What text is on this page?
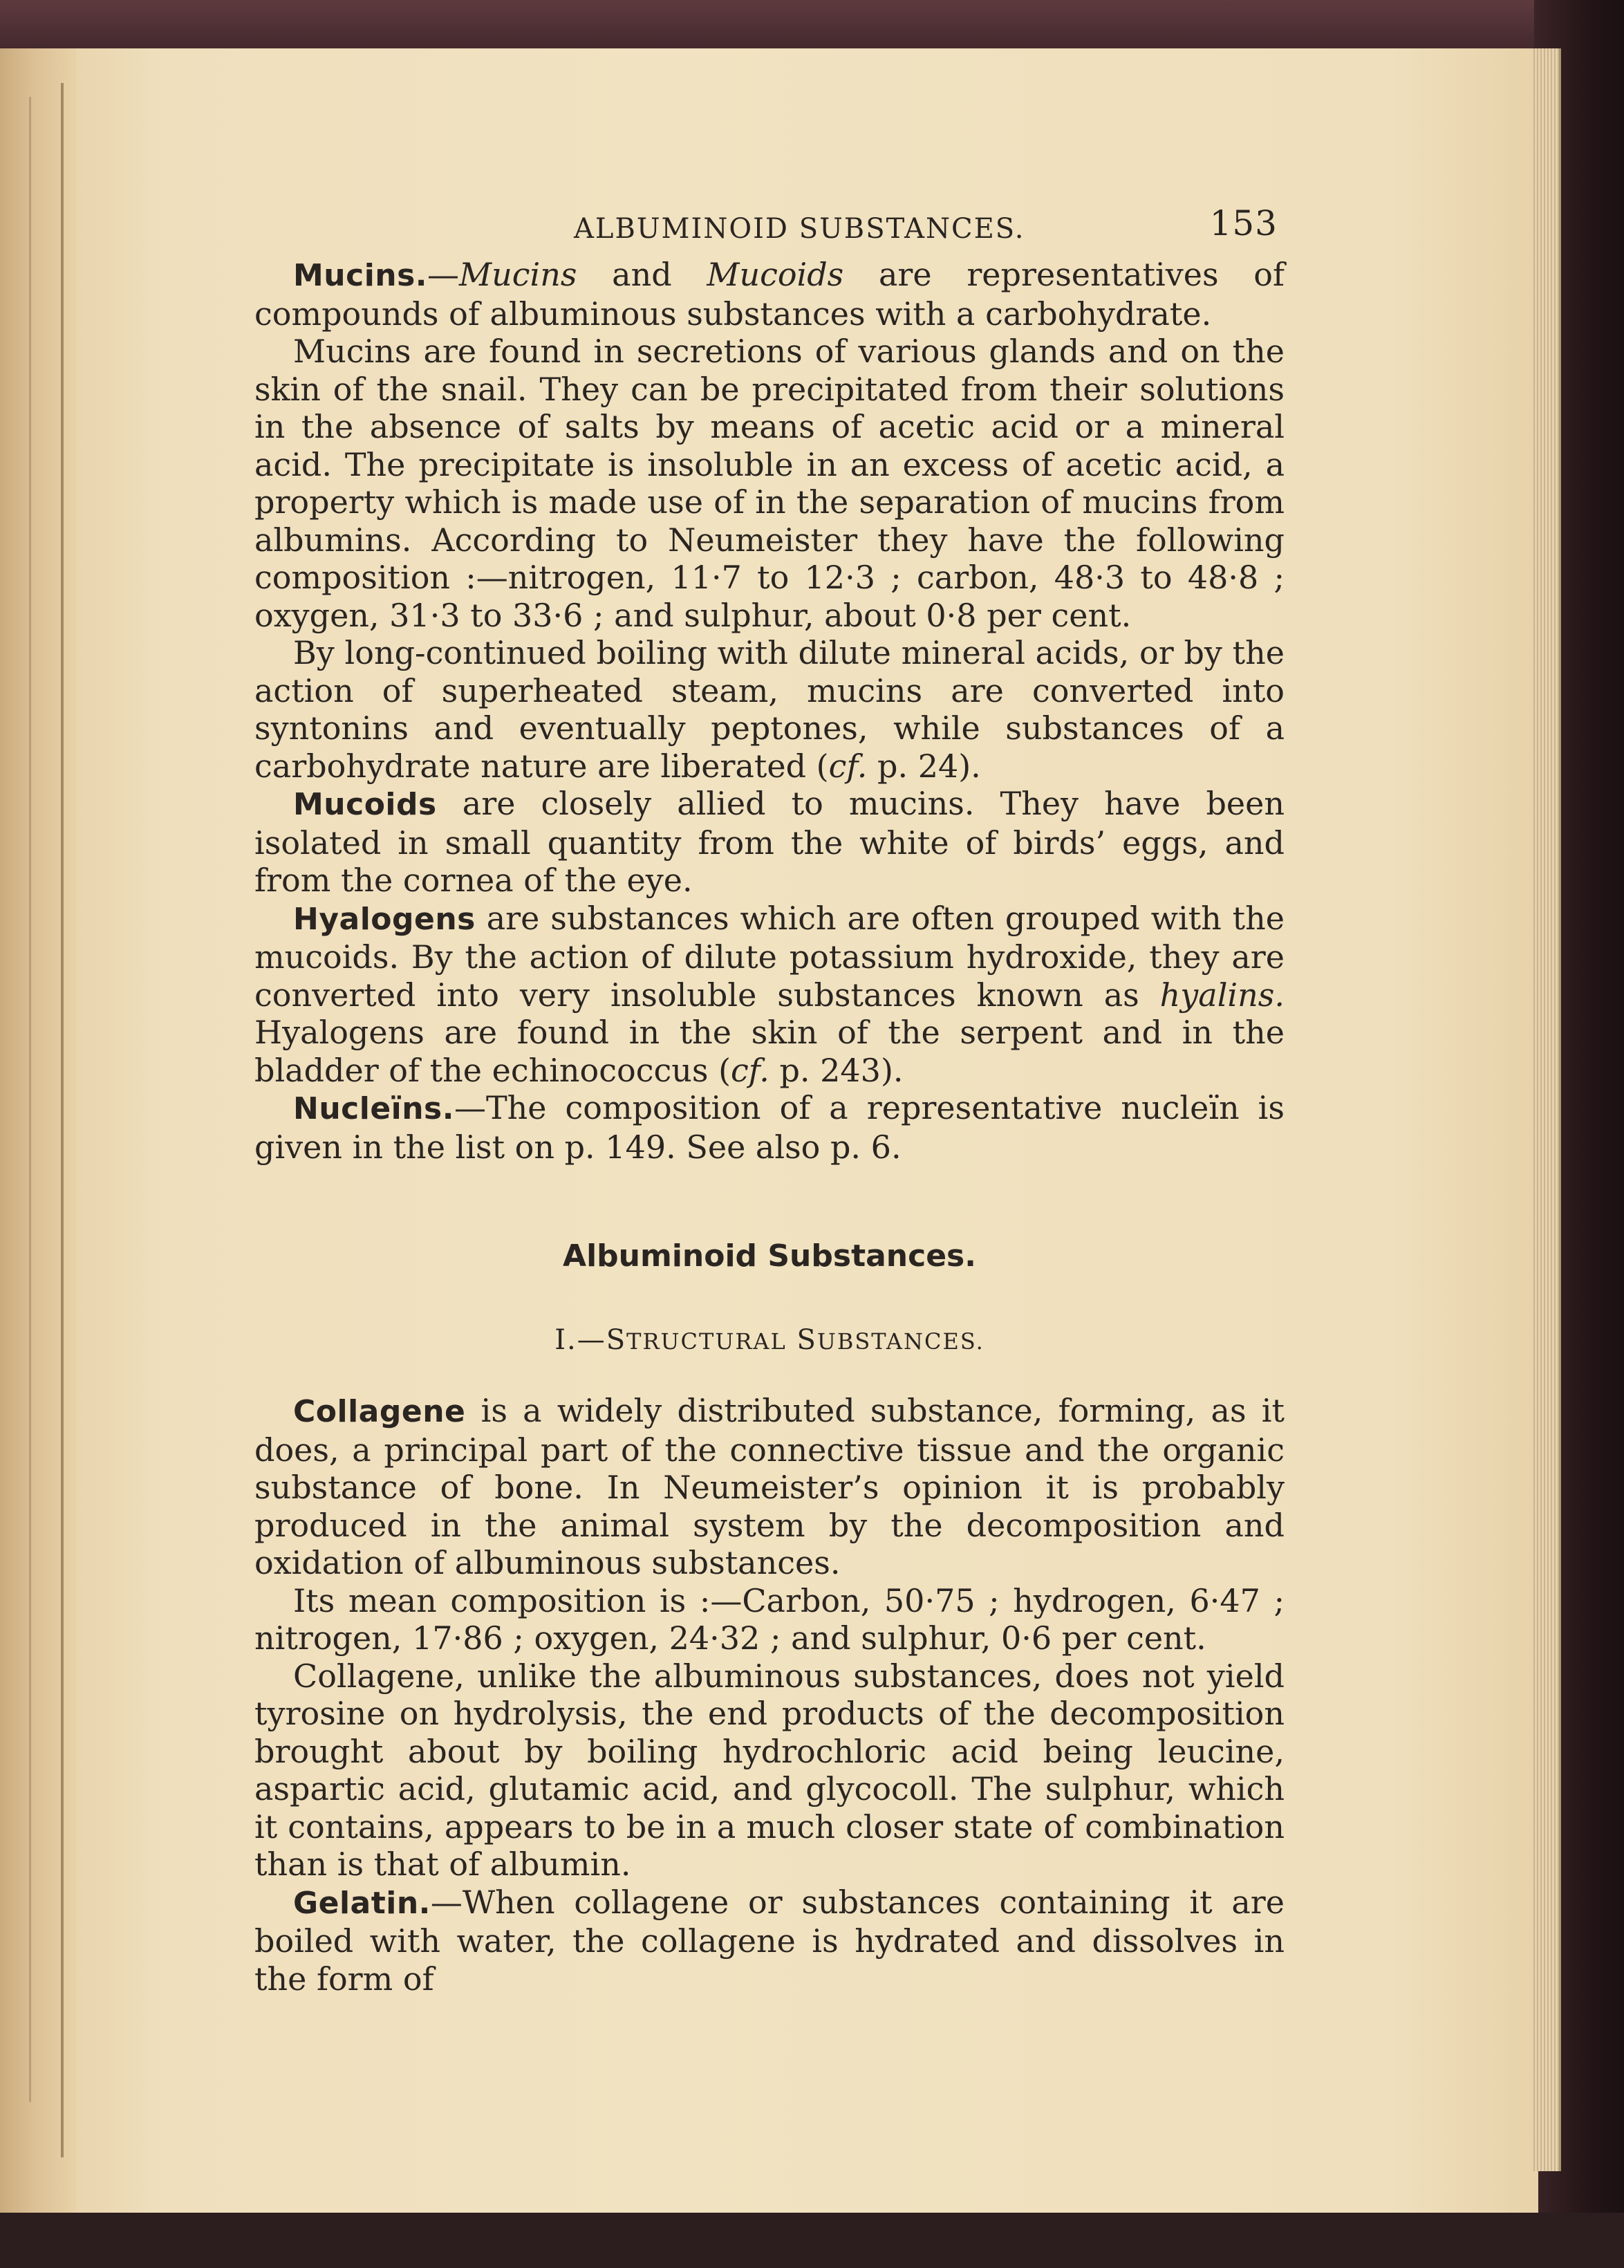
ALBUMINOID SUBSTANCES.	153

Mucins.—Mucins and Mucoids are representatives of compounds of albuminous substances with a carbohydrate.

Mucins are found in secretions of various glands and on the skin of the snail. They can be precipitated from their solutions in the absence of salts by means of acetic acid or a mineral acid. The precipitate is insoluble in an excess of acetic acid, a property which is made use of in the separation of mucins from albumins. According to Neumeister they have the following composition :—nitrogen, 11·7 to 12·3 ; carbon, 48·3 to 48·8 ; oxygen, 31·3 to 33·6 ; and sulphur, about 0·8 per cent.

By long-continued boiling with dilute mineral acids, or by the action of superheated steam, mucins are converted into syntonins and eventually peptones, while substances of a carbohydrate nature are liberated (cf. p. 24).

Mucoids are closely allied to mucins. They have been isolated in small quantity from the white of birds’ eggs, and from the cornea of the eye.

Hyalogens are substances which are often grouped with the mucoids. By the action of dilute potassium hydroxide, they are converted into very insoluble substances known as hyalins. Hyalogens are found in the skin of the serpent and in the bladder of the echinococcus (cf. p. 243).

Nucleïns.—The composition of a representative nucleïn is given in the list on p. 149. See also p. 6.

Albuminoid Substances.
I.—STRUCTURAL SUBSTANCES.

Collagene is a widely distributed substance, forming, as it does, a principal part of the connective tissue and the organic substance of bone. In Neumeister’s opinion it is probably produced in the animal system by the decomposition and oxidation of albuminous substances.

Its mean composition is :—Carbon, 50·75 ; hydrogen, 6·47 ; nitrogen, 17·86 ; oxygen, 24·32 ; and sulphur, 0·6 per cent.

Collagene, unlike the albuminous substances, does not yield tyrosine on hydrolysis, the end products of the decomposition brought about by boiling hydrochloric acid being leucine, aspartic acid, glutamic acid, and glycocoll. The sulphur, which it contains, appears to be in a much closer state of combination than is that of albumin.

Gelatin.—When collagene or substances containing it are boiled with water, the collagene is hydrated and dissolves in the form of
